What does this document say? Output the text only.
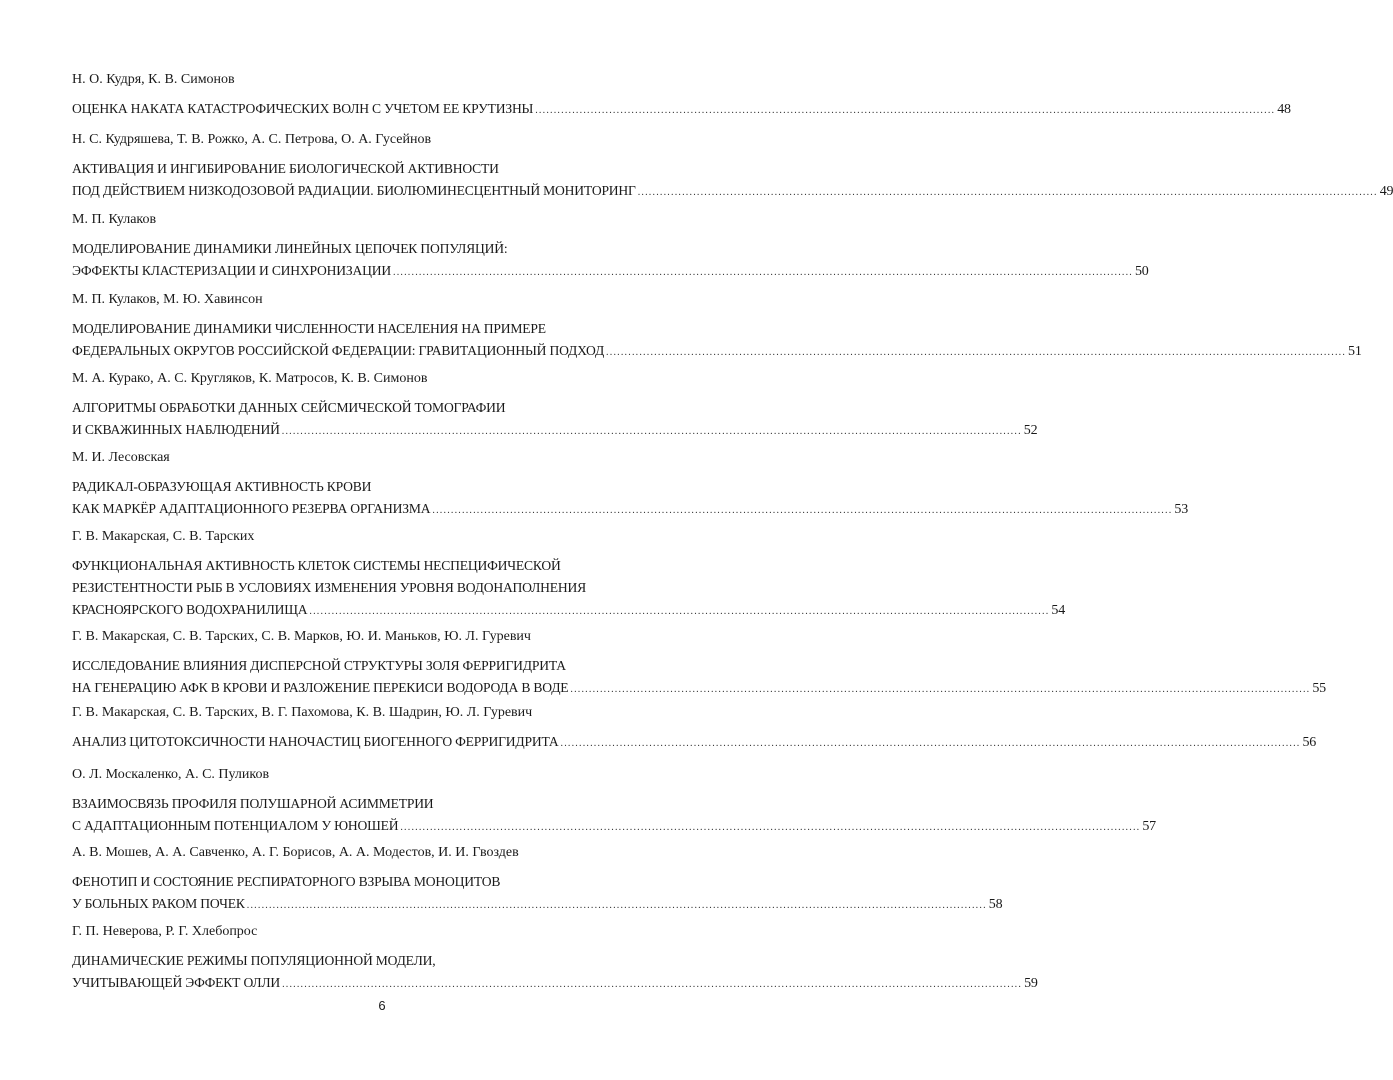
Н. О. Кудря, К. В. Симонов
ОЦЕНКА НАКАТА КАТАСТРОФИЧЕСКИХ ВОЛН С УЧЕТОМ ЕЕ КРУТИЗНЫ ........................................................................................................................................................................................................ 48
Н. С. Кудряшева, Т. В. Рожко, А. С. Петрова, О. А. Гусейнов
АКТИВАЦИЯ И ИНГИБИРОВАНИЕ БИОЛОГИЧЕСКОЙ АКТИВНОСТИ
ПОД ДЕЙСТВИЕМ НИЗКОДОЗОВОЙ РАДИАЦИИ. БИОЛЮМИНЕСЦЕНТНЫЙ МОНИТОРИНГ ........................................................................................................................................................................................................ 49
М. П. Кулаков
МОДЕЛИРОВАНИЕ ДИНАМИКИ ЛИНЕЙНЫХ ЦЕПОЧЕК ПОПУЛЯЦИЙ:
ЭФФЕКТЫ КЛАСТЕРИЗАЦИИ И СИНХРОНИЗАЦИИ ........................................................................................................................................................................................................ 50
М. П. Кулаков, М. Ю. Хавинсон
МОДЕЛИРОВАНИЕ ДИНАМИКИ ЧИСЛЕННОСТИ НАСЕЛЕНИЯ НА ПРИМЕРЕ
ФЕДЕРАЛЬНЫХ ОКРУГОВ РОССИЙСКОЙ ФЕДЕРАЦИИ: ГРАВИТАЦИОННЫЙ ПОДХОД ........................................................................................................................................................................................................ 51
М. А. Курако, А. С. Кругляков, К. Матросов, К. В. Симонов
АЛГОРИТМЫ ОБРАБОТКИ ДАННЫХ СЕЙСМИЧЕСКОЙ ТОМОГРАФИИ
И СКВАЖИННЫХ НАБЛЮДЕНИЙ ........................................................................................................................................................................................................ 52
М. И. Лесовская
РАДИКАЛ-ОБРАЗУЮЩАЯ АКТИВНОСТЬ КРОВИ
КАК МАРКЁР АДАПТАЦИОННОГО РЕЗЕРВА ОРГАНИЗМА ........................................................................................................................................................................................................ 53
Г. В. Макарская, С. В. Тарских
ФУНКЦИОНАЛЬНАЯ АКТИВНОСТЬ КЛЕТОК СИСТЕМЫ НЕСПЕЦИФИЧЕСКОЙ
РЕЗИСТЕНТНОСТИ РЫБ В УСЛОВИЯХ ИЗМЕНЕНИЯ УРОВНЯ ВОДОНАПОЛНЕНИЯ
КРАСНОЯРСКОГО ВОДОХРАНИЛИЩА ........................................................................................................................................................................................................ 54
Г. В. Макарская, С. В. Тарских, С. В. Марков, Ю. И. Маньков, Ю. Л. Гуревич
ИССЛЕДОВАНИЕ ВЛИЯНИЯ ДИСПЕРСНОЙ СТРУКТУРЫ ЗОЛЯ ФЕРРИГИДРИТА
НА ГЕНЕРАЦИЮ АФК В КРОВИ И РАЗЛОЖЕНИЕ ПЕРЕКИСИ ВОДОРОДА В ВОДЕ ........................................................................................................................................................................................................ 55
Г. В. Макарская, С. В. Тарских, В. Г. Пахомова, К. В. Шадрин, Ю. Л. Гуревич
АНАЛИЗ ЦИТОТОКСИЧНОСТИ НАНОЧАСТИЦ БИОГЕННОГО ФЕРРИГИДРИТА ........................................................................................................................................................................................................ 56
О. Л. Москаленко, А. С. Пуликов
ВЗАИМОСВЯЗЬ ПРОФИЛЯ ПОЛУШАРНОЙ АСИММЕТРИИ
С АДАПТАЦИОННЫМ ПОТЕНЦИАЛОМ У ЮНОШЕЙ ........................................................................................................................................................................................................ 57
А. В. Мошев, А. А. Савченко, А. Г. Борисов, А. А. Модестов, И. И. Гвоздев
ФЕНОТИП И СОСТОЯНИЕ РЕСПИРАТОРНОГО ВЗРЫВА МОНОЦИТОВ
У БОЛЬНЫХ РАКОМ ПОЧЕК ........................................................................................................................................................................................................ 58
Г. П. Неверова, Р. Г. Хлебопрос
ДИНАМИЧЕСКИЕ РЕЖИМЫ ПОПУЛЯЦИОННОЙ МОДЕЛИ,
УЧИТЫВАЮЩЕЙ ЭФФЕКТ ОЛЛИ ........................................................................................................................................................................................................ 59
6
